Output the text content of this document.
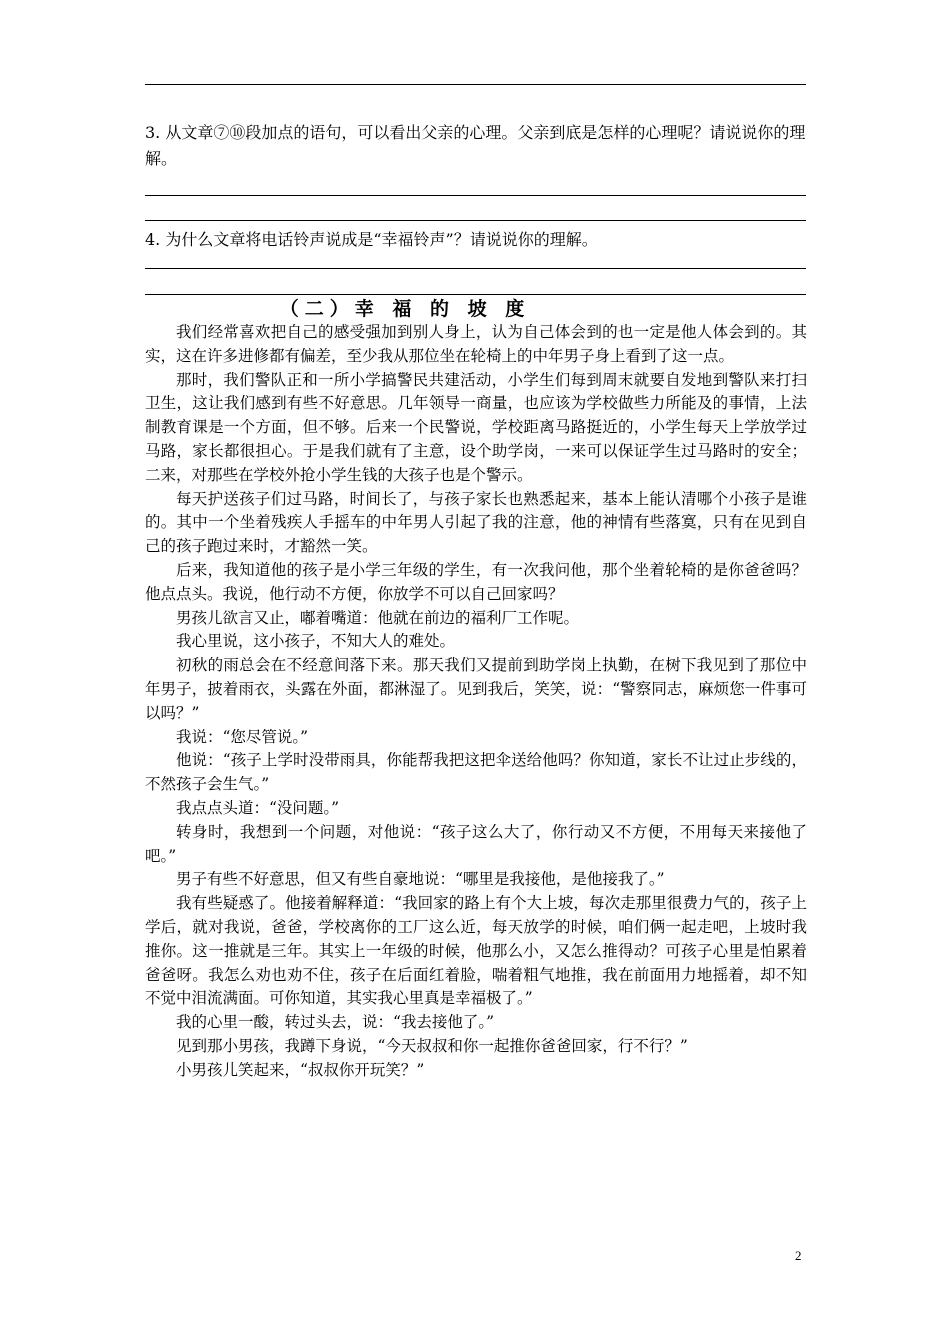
3. 从文章⑦⑩段加点的语句，可以看出父亲的心理。父亲到底是怎样的心理呢？请说说你的理解。

4. 为什么文章将电话铃声说成是“幸福铃声”？请说说你的理解。

（二）幸 福 的 坡 度

我们经常喜欢把自己的感受强加到别人身上，认为自己体会到的也一定是他人体会到的。其实，这在许多进修都有偏差，至少我从那位坐在轮椅上的中年男子身上看到了这一点。

那时，我们警队正和一所小学搞警民共建活动，小学生们每到周末就要自发地到警队来打扫卫生，这让我们感到有些不好意思。几年领导一商量，也应该为学校做些力所能及的事情，上法制教育课是一个方面，但不够。后来一个民警说，学校距离马路挺近的，小学生每天上学放学过马路，家长都很担心。于是我们就有了主意，设个助学岗，一来可以保证学生过马路时的安全；二来，对那些在学校外抢小学生钱的大孩子也是个警示。

每天护送孩子们过马路，时间长了，与孩子家长也熟悉起来，基本上能认清哪个小孩子是谁的。其中一个坐着残疾人手摇车的中年男人引起了我的注意，他的神情有些落寞，只有在见到自己的孩子跑过来时，才豁然一笑。

后来，我知道他的孩子是小学三年级的学生，有一次我问他，那个坐着轮椅的是你爸爸吗？他点点头。我说，他行动不方便，你放学不可以自己回家吗？

男孩儿欲言又止，嘟着嘴道：他就在前边的福利厂工作呢。

我心里说，这小孩子，不知大人的难处。

初秋的雨总会在不经意间落下来。那天我们又提前到助学岗上执勤，在树下我见到了那位中年男子，披着雨衣，头露在外面，都淋湿了。见到我后，笑笑，说：“警察同志，麻烦您一件事可以吗？”

我说：“您尽管说。”

他说：“孩子上学时没带雨具，你能帮我把这把伞送给他吗？你知道，家长不让过止步线的，不然孩子会生气。”

我点点头道：“没问题。”

转身时，我想到一个问题，对他说：“孩子这么大了，你行动又不方便，不用每天来接他了吧。”

男子有些不好意思，但又有些自豪地说：“哪里是我接他，是他接我了。”

我有些疑惑了。他接着解释道：“我回家的路上有个大上坡，每次走那里很费力气的，孩子上学后，就对我说，爸爸，学校离你的工厂这么近，每天放学的时候，咱们俩一起走吧，上坡时我推你。这一推就是三年。其实上一年级的时候，他那么小，又怎么推得动？可孩子心里是怕累着爸爸呀。我怎么劝也劝不住，孩子在后面红着脸，喘着粗气地推，我在前面用力地摇着，却不知不觉中泪流满面。可你知道，其实我心里真是幸福极了。”

我的心里一酸，转过头去，说：“我去接他了。”

见到那小男孩，我蹲下身说，“今天叔叔和你一起推你爸爸回家，行不行？”

小男孩儿笑起来，“叔叔你开玩笑？”

2
